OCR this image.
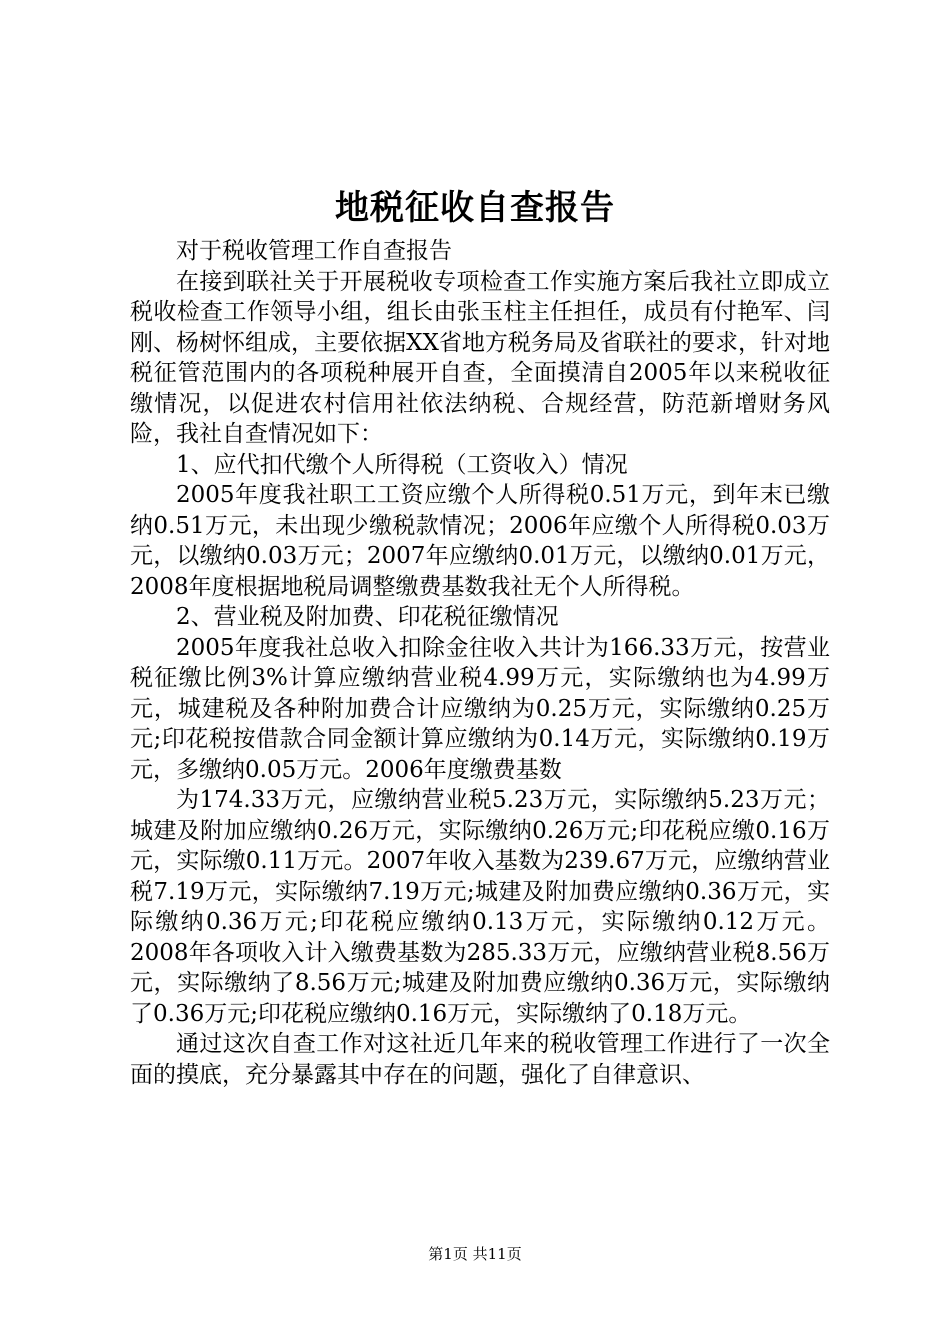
地税征收自查报告

对于税收管理工作自查报告

在接到联社关于开展税收专项检查工作实施方案后我社立即成立税收检查工作领导小组，组长由张玉柱主任担任，成员有付艳军、闫刚、杨树怀组成，主要依据XX省地方税务局及省联社的要求，针对地税征管范围内的各项税种展开自查，全面摸清自2005年以来税收征缴情况，以促进农村信用社依法纳税、合规经营，防范新增财务风险，我社自查情况如下：

1、应代扣代缴个人所得税（工资收入）情况

2005年度我社职工工资应缴个人所得税0.51万元，到年末已缴纳0.51万元，未出现少缴税款情况；2006年应缴个人所得税0.03万元，以缴纳0.03万元；2007年应缴纳0.01万元，以缴纳0.01万元，2008年度根据地税局调整缴费基数我社无个人所得税。

2、营业税及附加费、印花税征缴情况

2005年度我社总收入扣除金往收入共计为166.33万元，按营业税征缴比例3%计算应缴纳营业税4.99万元，实际缴纳也为4.99万元，城建税及各种附加费合计应缴纳为0.25万元，实际缴纳0.25万元;印花税按借款合同金额计算应缴纳为0.14万元，实际缴纳0.19万元，多缴纳0.05万元。2006年度缴费基数

为174.33万元，应缴纳营业税5.23万元，实际缴纳5.23万元；城建及附加应缴纳0.26万元，实际缴纳0.26万元;印花税应缴0.16万元，实际缴0.11万元。2007年收入基数为239.67万元，应缴纳营业税7.19万元，实际缴纳7.19万元;城建及附加费应缴纳0.36万元，实际缴纳0.36万元;印花税应缴纳0.13万元，实际缴纳0.12万元。2008年各项收入计入缴费基数为285.33万元，应缴纳营业税8.56万元，实际缴纳了8.56万元;城建及附加费应缴纳0.36万元，实际缴纳了0.36万元;印花税应缴纳0.16万元，实际缴纳了0.18万元。

通过这次自查工作对这社近几年来的税收管理工作进行了一次全面的摸底，充分暴露其中存在的问题，强化了自律意识、

第1页 共11页
